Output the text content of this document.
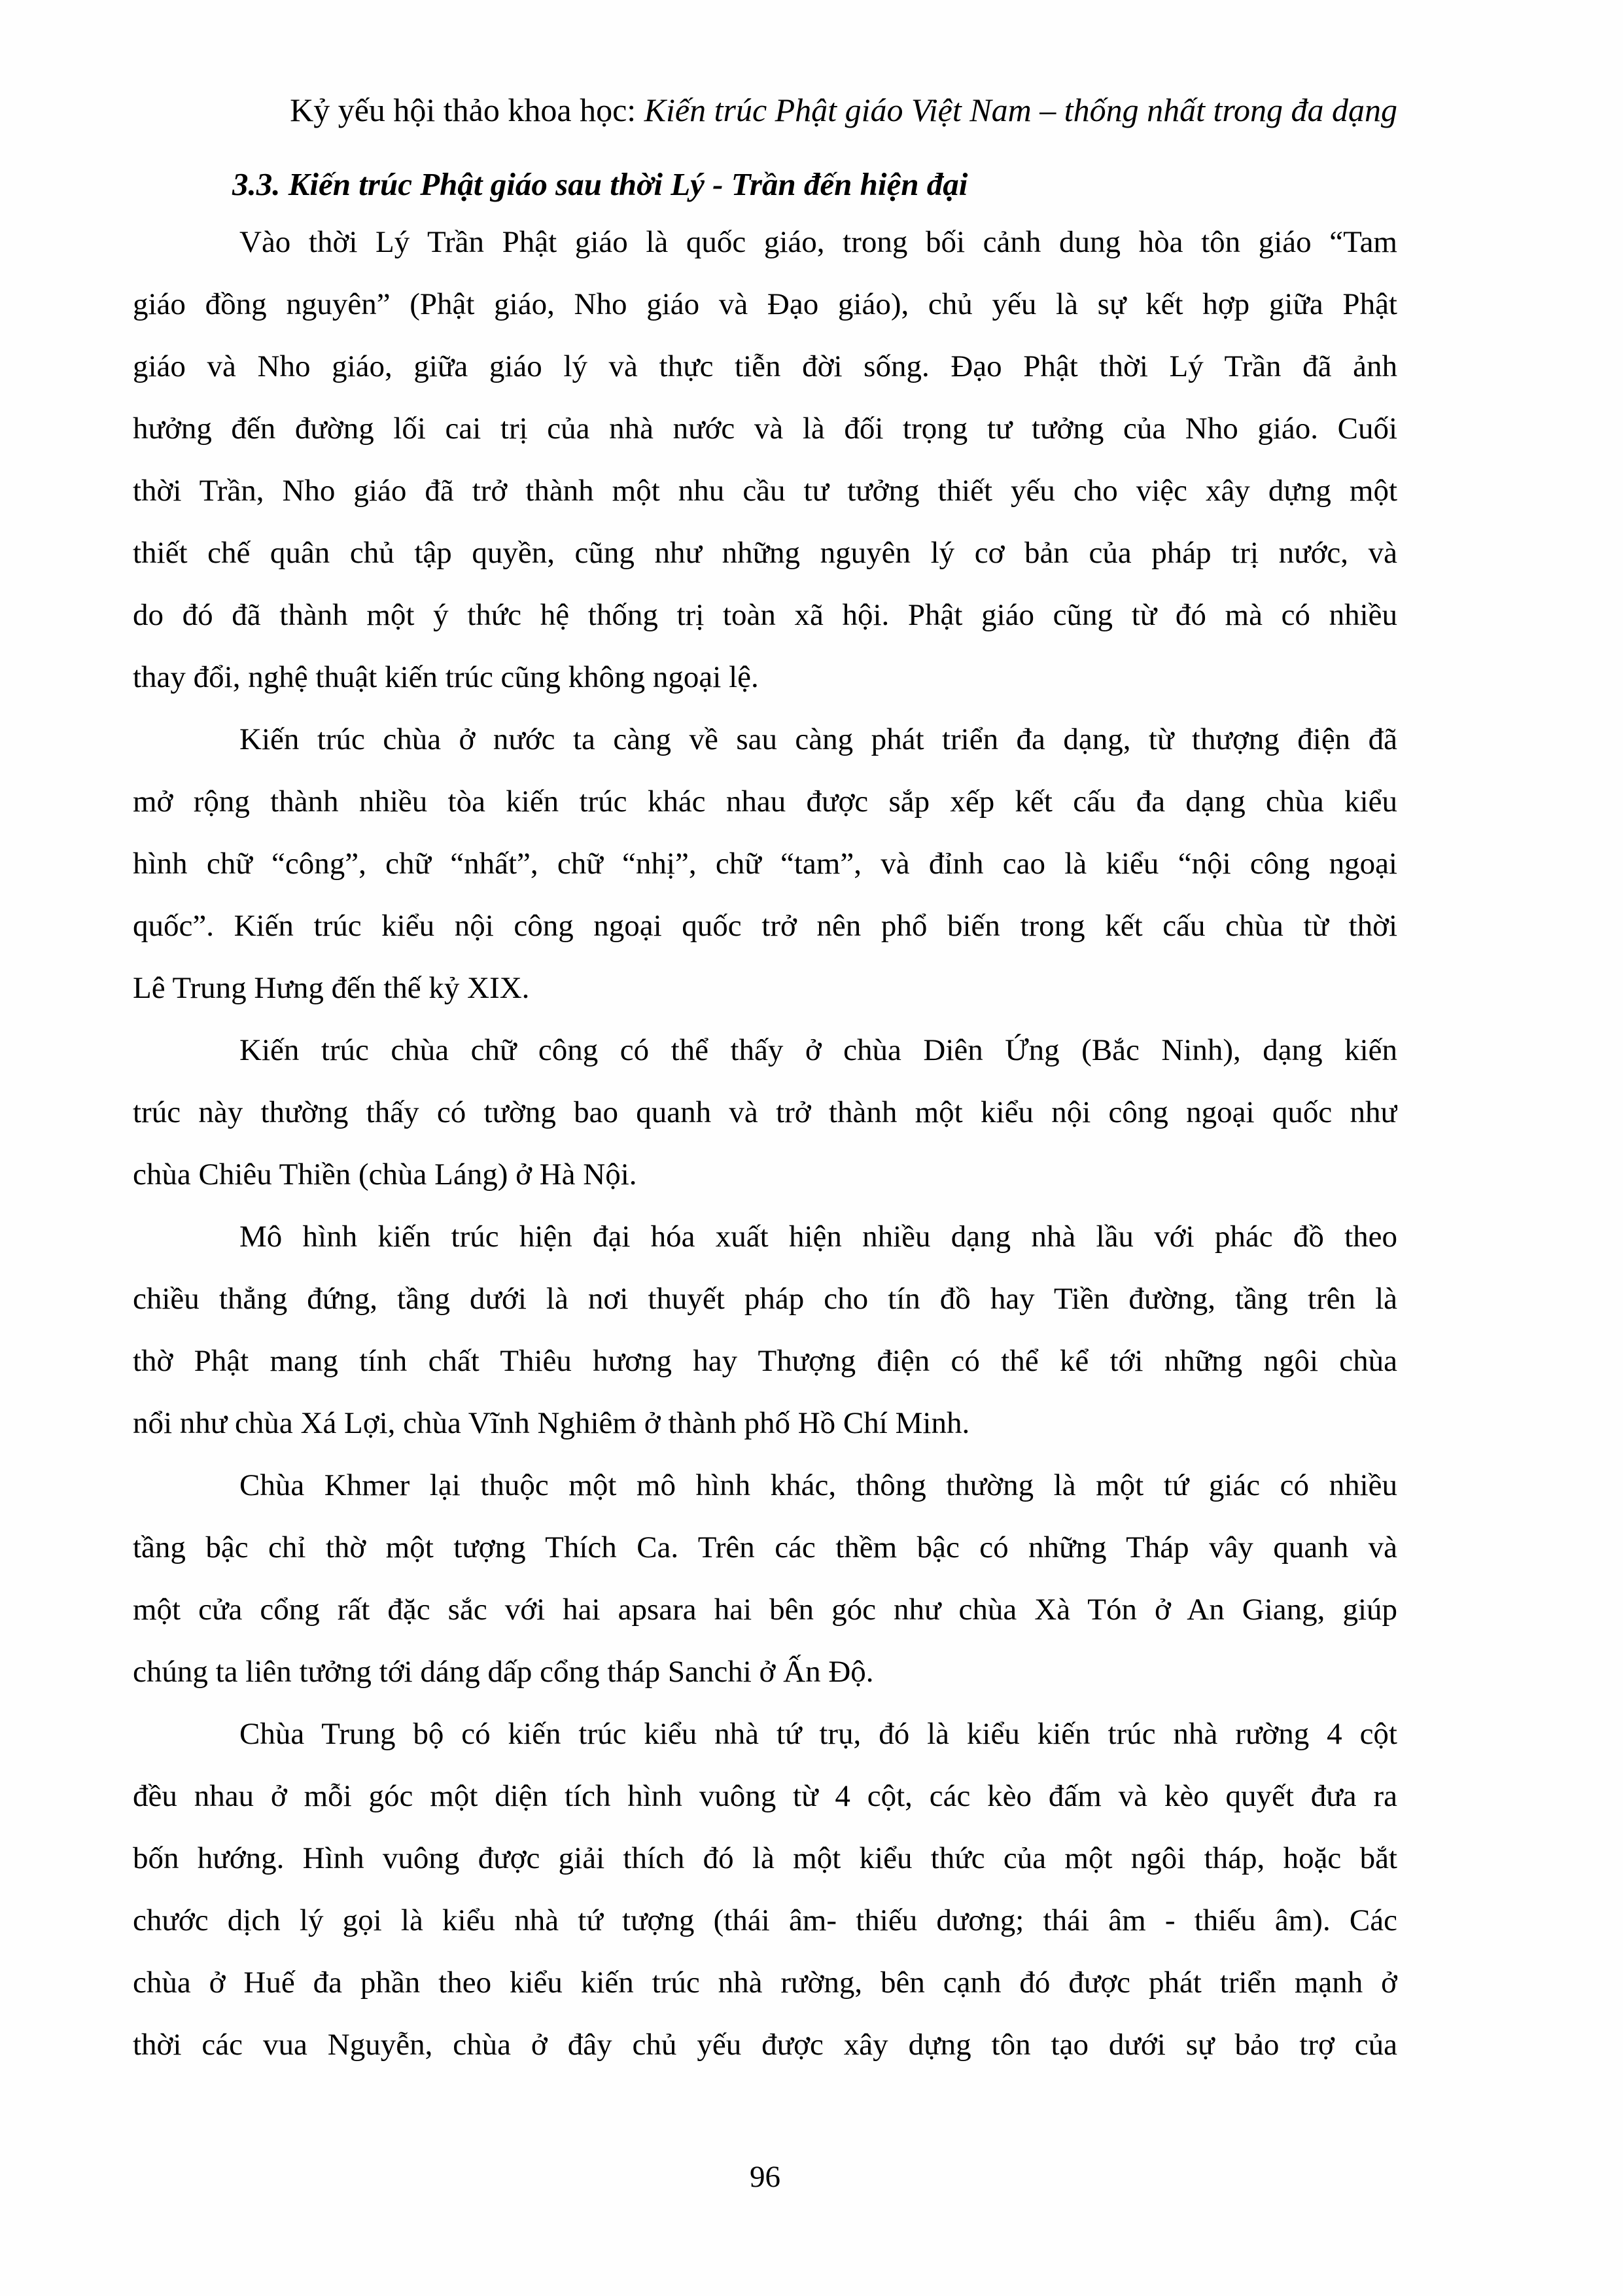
Kỷ yếu hội thảo khoa học: Kiến trúc Phật giáo Việt Nam – thống nhất trong đa dạng
3.3. Kiến trúc Phật giáo sau thời Lý - Trần đến hiện đại
Vào thời Lý Trần Phật giáo là quốc giáo, trong bối cảnh dung hòa tôn giáo “Tam
giáo đồng nguyên” (Phật giáo, Nho giáo và Đạo giáo), chủ yếu là sự kết hợp giữa Phật
giáo và Nho giáo, giữa giáo lý và thực tiễn đời sống. Đạo Phật thời Lý Trần đã ảnh
hưởng đến đường lối cai trị của nhà nước và là đối trọng tư tưởng của Nho giáo. Cuối
thời Trần, Nho giáo đã trở thành một nhu cầu tư tưởng thiết yếu cho việc xây dựng một
thiết chế quân chủ tập quyền, cũng như những nguyên lý cơ bản của pháp trị nước, và
do đó đã thành một ý thức hệ thống trị toàn xã hội. Phật giáo cũng từ đó mà có nhiều
thay đổi, nghệ thuật kiến trúc cũng không ngoại lệ.
Kiến trúc chùa ở nước ta càng về sau càng phát triển đa dạng, từ thượng điện đã
mở rộng thành nhiều tòa kiến trúc khác nhau được sắp xếp kết cấu đa dạng chùa kiểu
hình chữ “công”, chữ “nhất”, chữ “nhị”, chữ “tam”, và đỉnh cao là kiểu “nội công ngoại
quốc”. Kiến trúc kiểu nội công ngoại quốc trở nên phổ biến trong kết cấu chùa từ thời
Lê Trung Hưng đến thế kỷ XIX.
Kiến trúc chùa chữ công có thể thấy ở chùa Diên Ứng (Bắc Ninh), dạng kiến
trúc này thường thấy có tường bao quanh và trở thành một kiểu nội công ngoại quốc như
chùa Chiêu Thiền (chùa Láng) ở Hà Nội.
Mô hình kiến trúc hiện đại hóa xuất hiện nhiều dạng nhà lầu với phác đồ theo
chiều thẳng đứng, tầng dưới là nơi thuyết pháp cho tín đồ hay Tiền đường, tầng trên là
thờ Phật mang tính chất Thiêu hương hay Thượng điện có thể kể tới những ngôi chùa
nổi như chùa Xá Lợi, chùa Vĩnh Nghiêm ở thành phố Hồ Chí Minh.
Chùa Khmer lại thuộc một mô hình khác, thông thường là một tứ giác có nhiều
tầng bậc chỉ thờ một tượng Thích Ca. Trên các thềm bậc có những Tháp vây quanh và
một cửa cổng rất đặc sắc với hai apsara hai bên góc như chùa Xà Tón ở An Giang, giúp
chúng ta liên tưởng tới dáng dấp cổng tháp Sanchi ở Ấn Độ.
Chùa Trung bộ có kiến trúc kiểu nhà tứ trụ, đó là kiểu kiến trúc nhà rường 4 cột
đều nhau ở mỗi góc một diện tích hình vuông từ 4 cột, các kèo đấm và kèo quyết đưa ra
bốn hướng. Hình vuông được giải thích đó là một kiểu thức của một ngôi tháp, hoặc bắt
chước dịch lý gọi là kiểu nhà tứ tượng (thái âm- thiếu dương; thái âm - thiếu âm). Các
chùa ở Huế đa phần theo kiểu kiến trúc nhà rường, bên cạnh đó được phát triển mạnh ở
thời các vua Nguyễn, chùa ở đây chủ yếu được xây dựng tôn tạo dưới sự bảo trợ của
96
